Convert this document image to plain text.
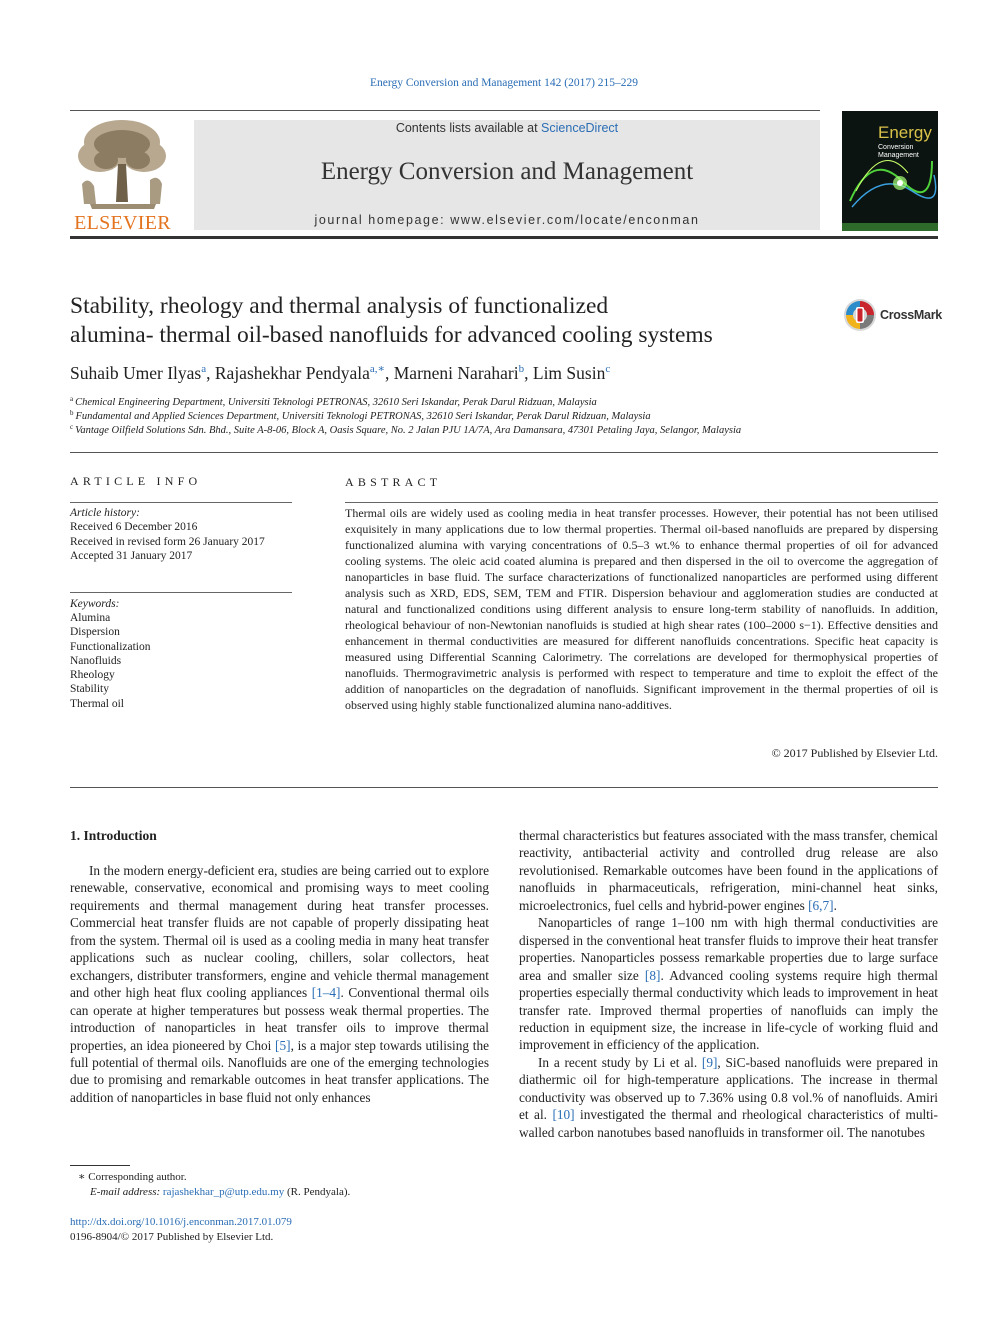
Energy Conversion and Management 142 (2017) 215–229
ELSEVIER
Contents lists available at ScienceDirect
Energy Conversion and Management
journal homepage: www.elsevier.com/locate/enconman
Energy
Conversion
Management
Stability, rheology and thermal analysis of functionalized
alumina- thermal oil-based nanofluids for advanced cooling systems
CrossMark
Suhaib Umer Ilyas$^a$, Rajashekhar Pendyala$^{a,∗}$, Marneni Narahari$^b$, Lim Susin$^c$
$^a$ Chemical Engineering Department, Universiti Teknologi PETRONAS, 32610 Seri Iskandar, Perak Darul Ridzuan, Malaysia
$^b$ Fundamental and Applied Sciences Department, Universiti Teknologi PETRONAS, 32610 Seri Iskandar, Perak Darul Ridzuan, Malaysia
$^c$ Vantage Oilfield Solutions Sdn. Bhd., Suite A-8-06, Block A, Oasis Square, No. 2 Jalan PJU 1A/7A, Ara Damansara, 47301 Petaling Jaya, Selangor, Malaysia
ARTICLE INFO	ABSTRACT
Article history:
Received 6 December 2016
Received in revised form 26 January 2017
Accepted 31 January 2017
Keywords:
Alumina
Dispersion
Functionalization
Nanofluids
Rheology
Stability
Thermal oil
Thermal oils are widely used as cooling media in heat transfer processes. However, their potential has not been utilised exquisitely in many applications due to low thermal properties. Thermal oil-based nanofluids are prepared by dispersing functionalized alumina with varying concentrations of 0.5–3 wt.% to enhance thermal properties of oil for advanced cooling systems. The oleic acid coated alumina is prepared and then dispersed in the oil to overcome the aggregation of nanoparticles in base fluid. The surface characterizations of functionalized nanoparticles are performed using different analysis such as XRD, EDS, SEM, TEM and FTIR. Dispersion behaviour and agglomeration studies are conducted at natural and functionalized conditions using different analysis to ensure long-term stability of nanofluids. In addition, rheological behaviour of non-Newtonian nanofluids is studied at high shear rates (100–2000 s−1). Effective densities and enhancement in thermal conductivities are measured for different nanofluids concentrations. Specific heat capacity is measured using Differential Scanning Calorimetry. The correlations are developed for thermophysical properties of nanofluids. Thermogravimetric analysis is performed with respect to temperature and time to exploit the effect of the addition of nanoparticles on the degradation of nanofluids. Significant improvement in the thermal properties of oil is observed using highly stable functionalized alumina nano-additives.
© 2017 Published by Elsevier Ltd.
1. Introduction

In the modern energy-deficient era, studies are being carried out to explore renewable, conservative, economical and promising ways to meet cooling requirements and thermal management during heat transfer processes. Commercial heat transfer fluids are not capable of properly dissipating heat from the system. Thermal oil is used as a cooling media in many heat transfer applications such as nuclear cooling, chillers, solar collectors, heat exchangers, distributer transformers, engine and vehicle thermal management and other high heat flux cooling appliances [1–4]. Conventional thermal oils can operate at higher temperatures but possess weak thermal properties. The introduction of nanoparticles in heat transfer oils to improve thermal properties, an idea pioneered by Choi [5], is a major step towards utilising the full potential of thermal oils. Nanofluids are one of the emerging technologies due to promising and remarkable outcomes in heat transfer applications. The addition of nanoparticles in base fluid not only enhances

thermal characteristics but features associated with the mass transfer, chemical reactivity, antibacterial activity and controlled drug release are also revolutionised. Remarkable outcomes have been found in the applications of nanofluids in pharmaceuticals, refrigeration, mini-channel heat sinks, microelectronics, fuel cells and hybrid-power engines [6,7].

Nanoparticles of range 1–100 nm with high thermal conductivities are dispersed in the conventional heat transfer fluids to improve their heat transfer properties. Nanoparticles possess remarkable properties due to large surface area and smaller size [8]. Advanced cooling systems require high thermal properties especially thermal conductivity which leads to improvement in heat transfer rate. Improved thermal properties of nanofluids can imply the reduction in equipment size, the increase in life-cycle of working fluid and improvement in efficiency of the application.

In a recent study by Li et al. [9], SiC-based nanofluids were prepared in diathermic oil for high-temperature applications. The increase in thermal conductivity was observed up to 7.36% using 0.8 vol.% of nanofluids. Amiri et al. [10] investigated the thermal and rheological characteristics of multi-walled carbon nanotubes based nanofluids in transformer oil. The nanotubes

∗ Corresponding author.
E-mail address: rajashekhar_p@utp.edu.my (R. Pendyala).
http://dx.doi.org/10.1016/j.enconman.2017.01.079
0196-8904/© 2017 Published by Elsevier Ltd.
